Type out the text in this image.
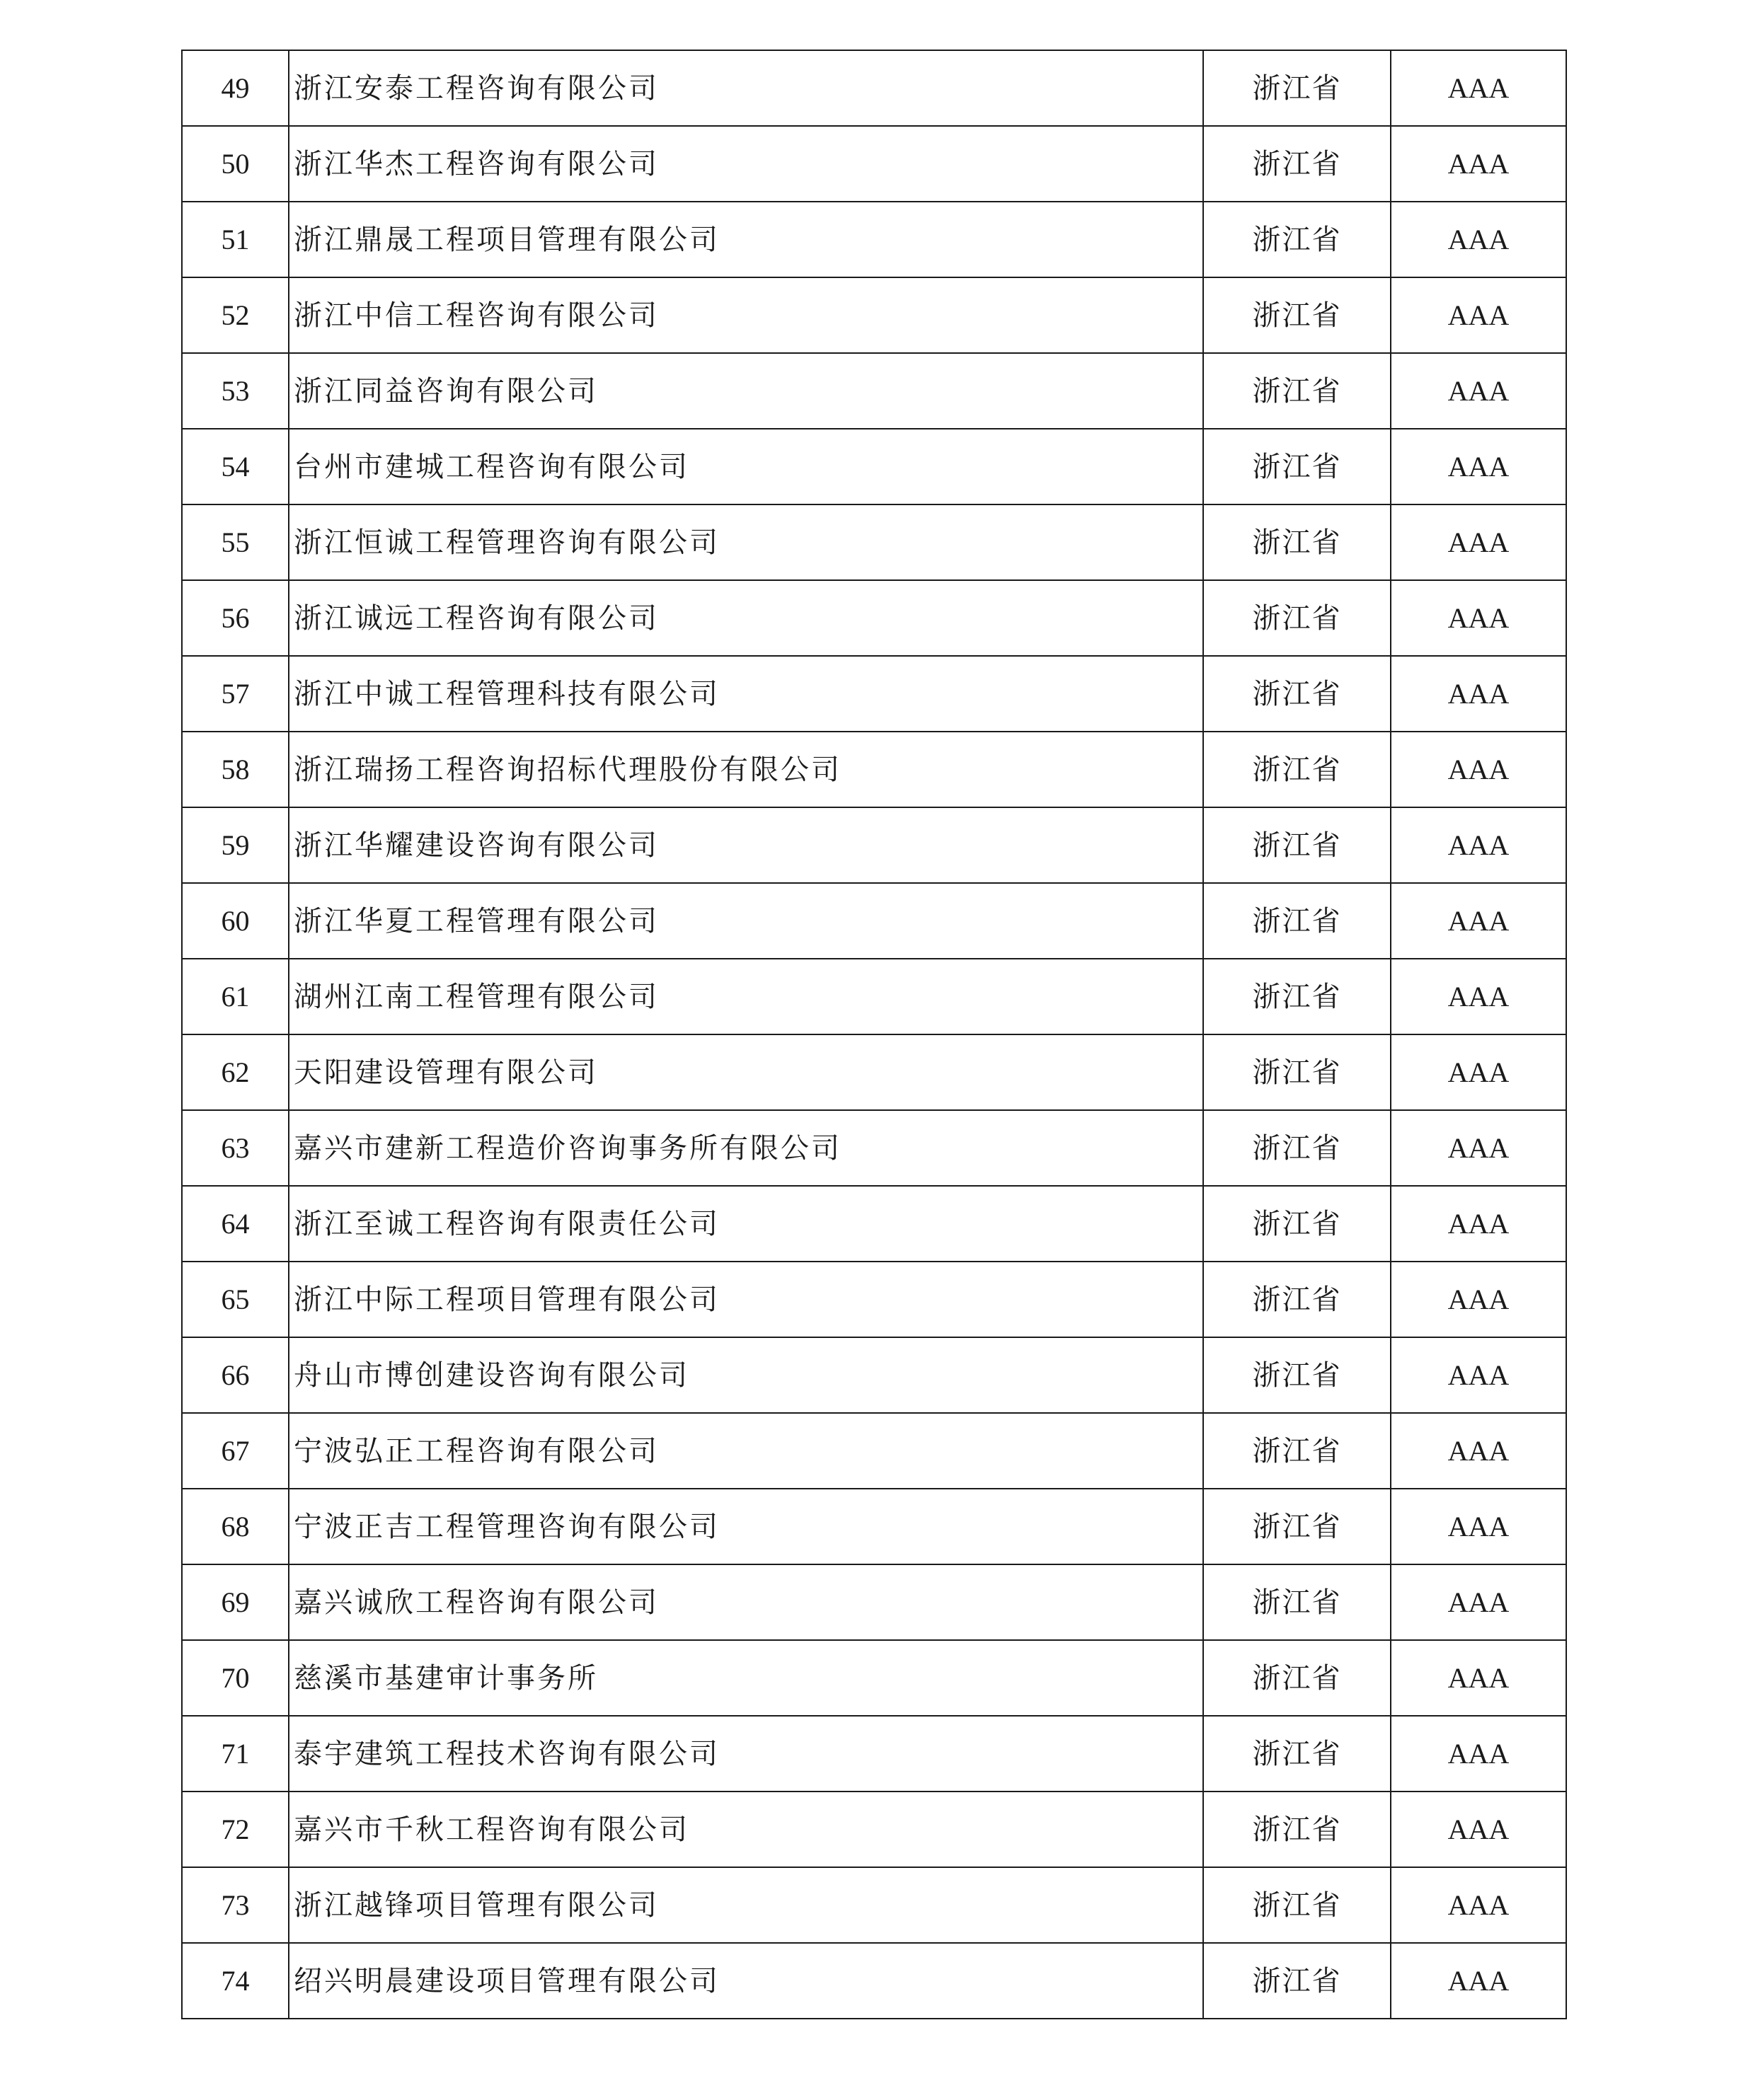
49	浙江安泰工程咨询有限公司	浙江省	AAA
50	浙江华杰工程咨询有限公司	浙江省	AAA
51	浙江鼎晟工程项目管理有限公司	浙江省	AAA
52	浙江中信工程咨询有限公司	浙江省	AAA
53	浙江同益咨询有限公司	浙江省	AAA
54	台州市建城工程咨询有限公司	浙江省	AAA
55	浙江恒诚工程管理咨询有限公司	浙江省	AAA
56	浙江诚远工程咨询有限公司	浙江省	AAA
57	浙江中诚工程管理科技有限公司	浙江省	AAA
58	浙江瑞扬工程咨询招标代理股份有限公司	浙江省	AAA
59	浙江华耀建设咨询有限公司	浙江省	AAA
60	浙江华夏工程管理有限公司	浙江省	AAA
61	湖州江南工程管理有限公司	浙江省	AAA
62	天阳建设管理有限公司	浙江省	AAA
63	嘉兴市建新工程造价咨询事务所有限公司	浙江省	AAA
64	浙江至诚工程咨询有限责任公司	浙江省	AAA
65	浙江中际工程项目管理有限公司	浙江省	AAA
66	舟山市博创建设咨询有限公司	浙江省	AAA
67	宁波弘正工程咨询有限公司	浙江省	AAA
68	宁波正吉工程管理咨询有限公司	浙江省	AAA
69	嘉兴诚欣工程咨询有限公司	浙江省	AAA
70	慈溪市基建审计事务所	浙江省	AAA
71	泰宇建筑工程技术咨询有限公司	浙江省	AAA
72	嘉兴市千秋工程咨询有限公司	浙江省	AAA
73	浙江越锋项目管理有限公司	浙江省	AAA
74	绍兴明晨建设项目管理有限公司	浙江省	AAA
